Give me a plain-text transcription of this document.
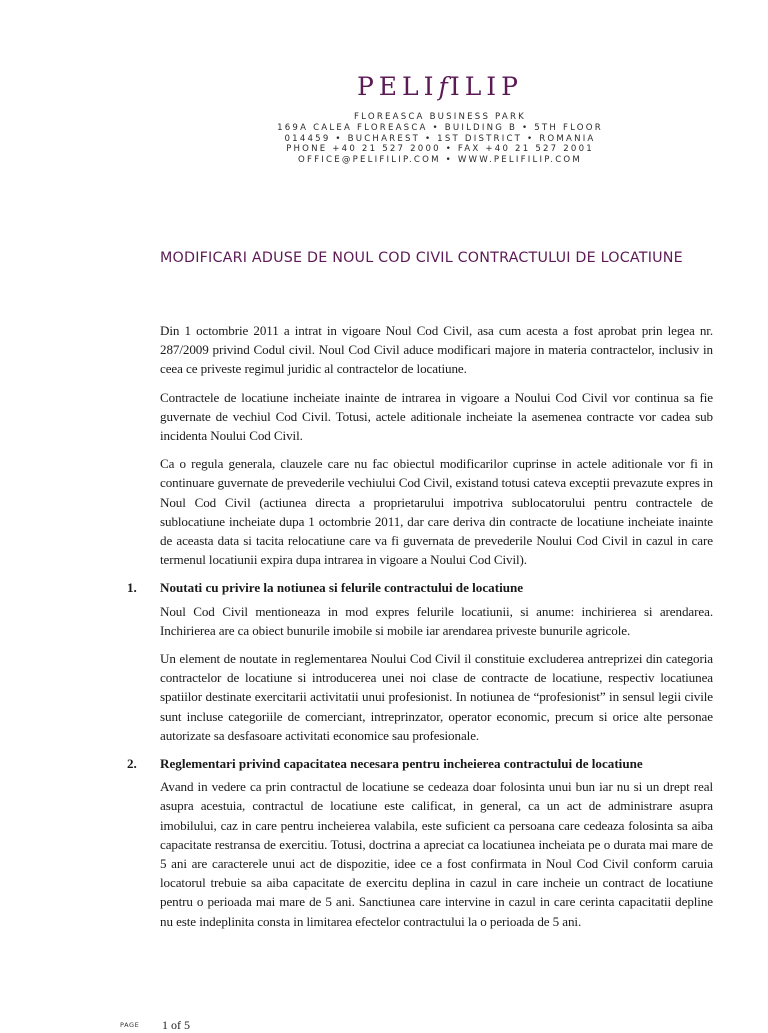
PELIfILIP
FLOREASCA BUSINESS PARK
169A CALEA FLOREASCA • BUILDING B • 5TH FLOOR
014459 • BUCHAREST • 1ST DISTRICT • ROMANIA
PHONE +40 21 527 2000 • FAX +40 21 527 2001
OFFICE@PELIFILIP.COM • WWW.PELIFILIP.COM
MODIFICARI ADUSE DE NOUL COD CIVIL CONTRACTULUI DE LOCATIUNE

Din 1 octombrie 2011 a intrat in vigoare Noul Cod Civil, asa cum acesta a fost aprobat prin legea nr. 287/2009 privind Codul civil. Noul Cod Civil aduce modificari majore in materia contractelor, inclusiv in ceea ce priveste regimul juridic al contractelor de locatiune.

Contractele de locatiune incheiate inainte de intrarea in vigoare a Noului Cod Civil vor continua sa fie guvernate de vechiul Cod Civil. Totusi, actele aditionale incheiate la asemenea contracte vor cadea sub incidenta Noului Cod Civil.

Ca o regula generala, clauzele care nu fac obiectul modificarilor cuprinse in actele aditionale vor fi in continuare guvernate de prevederile vechiului Cod Civil, existand totusi cateva exceptii prevazute expres in Noul Cod Civil (actiunea directa a proprietarului impotriva sublocatorului pentru contractele de sublocatiune incheiate dupa 1 octombrie 2011, dar care deriva din contracte de locatiune incheiate inainte de aceasta data si tacita relocatiune care va fi guvernata de prevederile Noului Cod Civil in cazul in care termenul locatiunii expira dupa intrarea in vigoare a Noului Cod Civil).

1. Noutati cu privire la notiunea si felurile contractului de locatiune

Noul Cod Civil mentioneaza in mod expres felurile locatiunii, si anume: inchirierea si arendarea. Inchirierea are ca obiect bunurile imobile si mobile iar arendarea priveste bunurile agricole.

Un element de noutate in reglementarea Noului Cod Civil il constituie excluderea antreprizei din categoria contractelor de locatiune si introducerea unei noi clase de contracte de locatiune, respectiv locatiunea spatiilor destinate exercitarii activitatii unui profesionist. In notiunea de “profesionist” in sensul legii civile sunt incluse categoriile de comerciant, intreprinzator, operator economic, precum si orice alte personae autorizate sa desfasoare activitati economice sau profesionale.

2. Reglementari privind capacitatea necesara pentru incheierea contractului de locatiune

Avand in vedere ca prin contractul de locatiune se cedeaza doar folosinta unui bun iar nu si un drept real asupra acestuia, contractul de locatiune este calificat, in general, ca un act de administrare asupra imobilului, caz in care pentru incheierea valabila, este suficient ca persoana care cedeaza folosinta sa aiba capacitate restransa de exercitiu. Totusi, doctrina a apreciat ca locatiunea incheiata pe o durata mai mare de 5 ani are caracterele unui act de dispozitie, idee ce a fost confirmata in Noul Cod Civil conform caruia locatorul trebuie sa aiba capacitate de exercitu deplina in cazul in care incheie un contract de locatiune pentru o perioada mai mare de 5 ani. Sanctiunea care intervine in cazul in care cerinta capacitatii depline nu este indeplinita consta in limitarea efectelor contractului la o perioada de 5 ani.

PAGE 1 of 5
